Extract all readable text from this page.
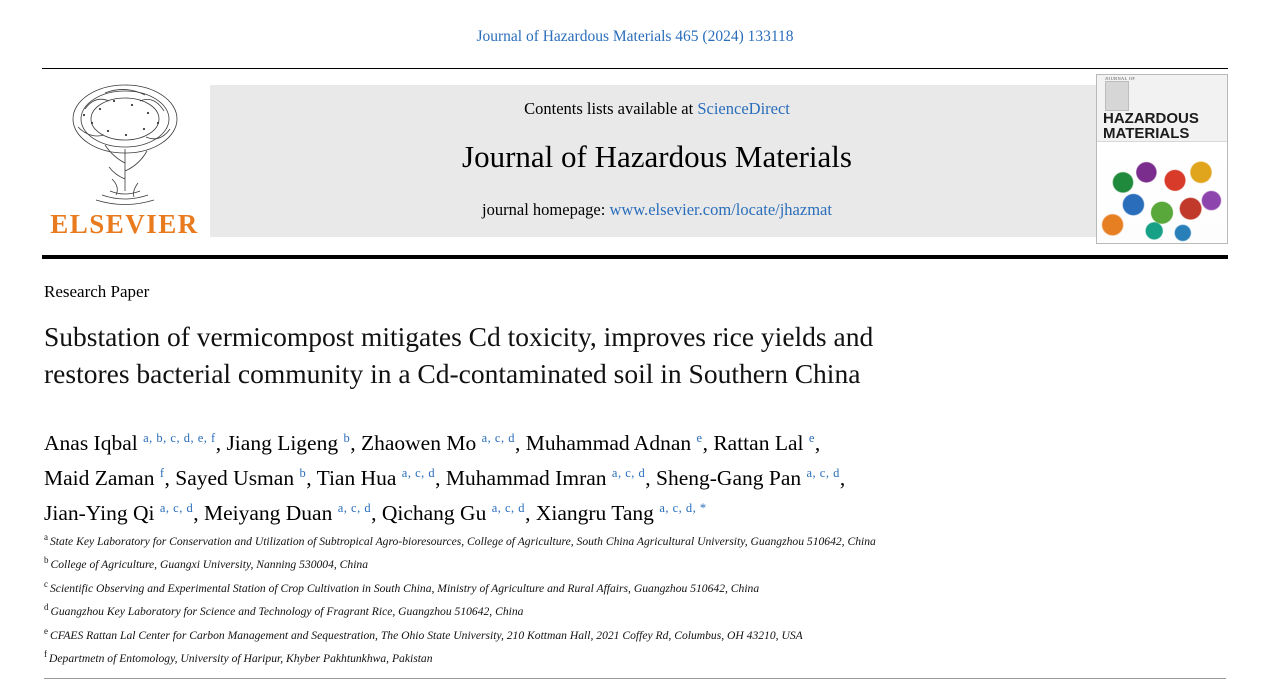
Journal of Hazardous Materials 465 (2024) 133118
ELSEVIER
Contents lists available at ScienceDirect
Journal of Hazardous Materials
journal homepage: www.elsevier.com/locate/jhazmat
JOURNAL OF
HAZARDOUS
MATERIALS
Research Paper
Substation of vermicompost mitigates Cd toxicity, improves rice yields and
restores bacterial community in a Cd-contaminated soil in Southern China
Anas Iqbal $^{a, b, c, d, e, f}$, Jiang Ligeng $^b$, Zhaowen Mo $^{a, c, d}$, Muhammad Adnan $^e$, Rattan Lal $^e$,
Maid Zaman $^f$, Sayed Usman $^b$, Tian Hua $^{a, c, d}$, Muhammad Imran $^{a, c, d}$, Sheng-Gang Pan $^{a, c, d}$,
Jian-Ying Qi $^{a, c, d}$, Meiyang Duan $^{a, c, d}$, Qichang Gu $^{a, c, d}$, Xiangru Tang $^{a, c, d, *}$
$^a$ State Key Laboratory for Conservation and Utilization of Subtropical Agro-bioresources, College of Agriculture, South China Agricultural University, Guangzhou 510642, China
$^b$ College of Agriculture, Guangxi University, Nanning 530004, China
$^c$ Scientific Observing and Experimental Station of Crop Cultivation in South China, Ministry of Agriculture and Rural Affairs, Guangzhou 510642, China
$^d$ Guangzhou Key Laboratory for Science and Technology of Fragrant Rice, Guangzhou 510642, China
$^e$ CFAES Rattan Lal Center for Carbon Management and Sequestration, The Ohio State University, 210 Kottman Hall, 2021 Coffey Rd, Columbus, OH 43210, USA
$^f$ Departmetn of Entomology, University of Haripur, Khyber Pakhtunkhwa, Pakistan
